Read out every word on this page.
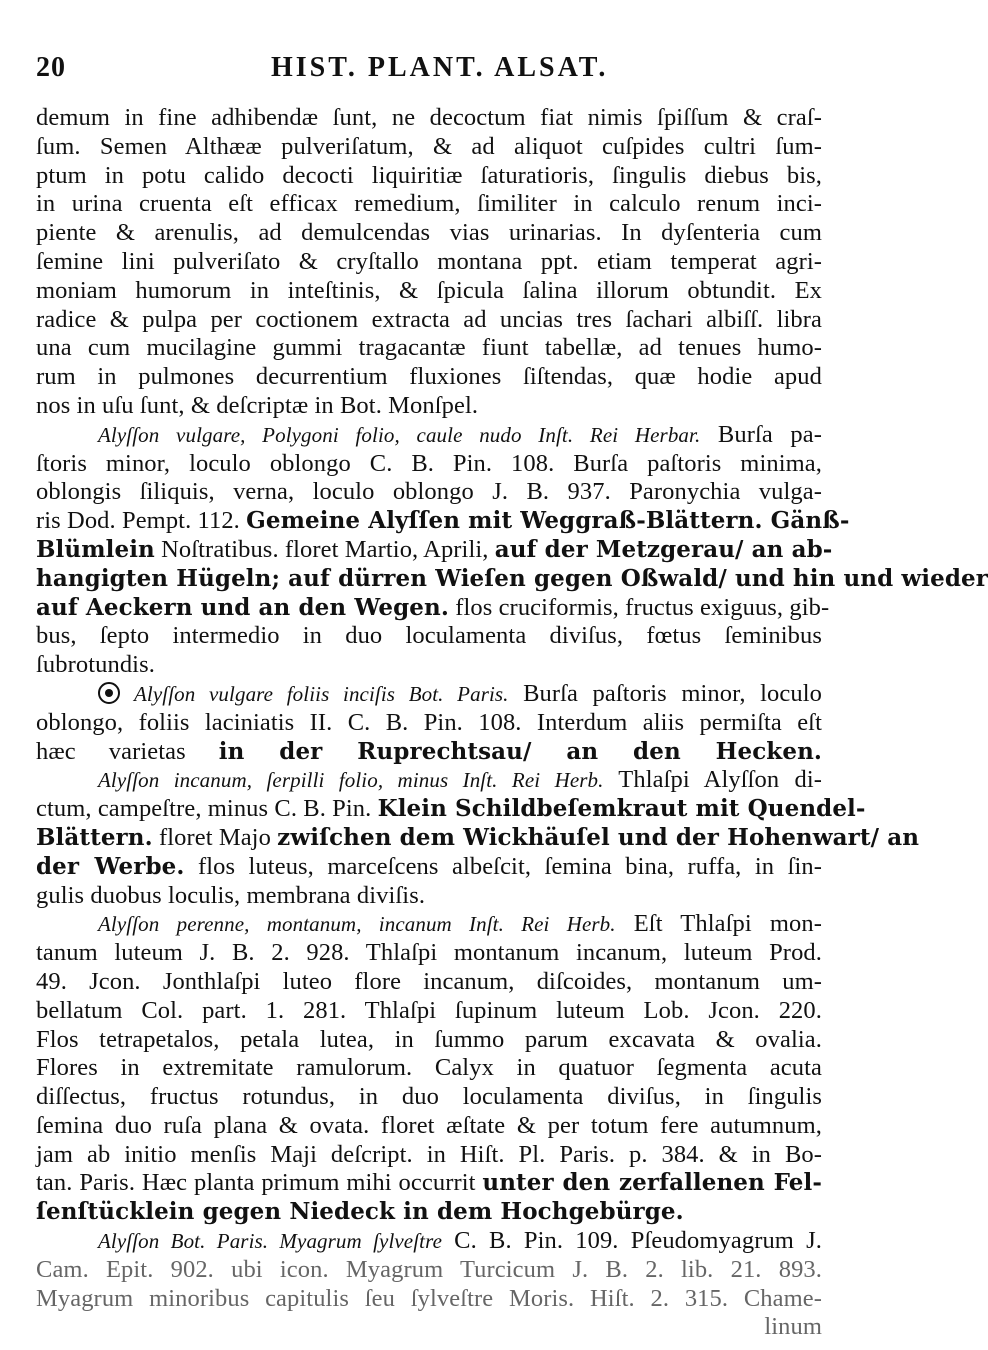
20	HIST. PLANT. ALSAT.
demum in fine adhibendæ ſunt, ne decoctum fiat nimis ſpiſſum & craſ-
ſum. Semen Althææ pulveriſatum, & ad aliquot cuſpides cultri ſum-
ptum in potu calido decocti liquiritiæ ſaturatioris, ſingulis diebus bis,
in urina cruenta eſt efficax remedium, ſimiliter in calculo renum inci-
piente & arenulis, ad demulcendas vias urinarias. In dyſenteria cum
ſemine lini pulveriſato & cryſtallo montana ppt. etiam temperat agri-
moniam humorum in inteſtinis, & ſpicula ſalina illorum obtundit. Ex
radice & pulpa per coctionem extracta ad uncias tres ſachari albiſſ. libra
una cum mucilagine gummi tragacantæ fiunt tabellæ, ad tenues humo-
rum in pulmones decurrentium fluxiones ſiſtendas, quæ hodie apud
nos in uſu ſunt, & deſcriptæ in Bot. Monſpel.
Alyſſon vulgare, Polygoni folio, caule nudo Inſt. Rei Herbar. Burſa pa-
ſtoris minor, loculo oblongo C. B. Pin. 108. Burſa paſtoris minima,
oblongis ſiliquis, verna, loculo oblongo J. B. 937. Paronychia vulga-
ris Dod. Pempt. 112. Gemeine Alyſſen mit Weggraß-Blättern. Gänß-
Blümlein Noſtratibus. floret Martio, Aprili, auf der Metzgerau/ an ab-
hangigten Hügeln; auf dürren Wieſen gegen Oßwald/ und hin und wieder
auf Aeckern und an den Wegen. flos cruciformis, fructus exiguus, gib-
bus, ſepto intermedio in duo loculamenta diviſus, fœtus ſeminibus
ſubrotundis.
Alyſſon vulgare foliis inciſis Bot. Paris. Burſa paſtoris minor, loculo
oblongo, foliis laciniatis II. C. B. Pin. 108. Interdum aliis permiſta eſt
hæc varietas in der Ruprechtsau/ an den Hecken.
Alyſſon incanum, ſerpilli folio, minus Inſt. Rei Herb. Thlaſpi Alyſſon di-
ctum, campeſtre, minus C. B. Pin. Klein Schildbeſemkraut mit Quendel-
Blättern. floret Majo zwiſchen dem Wickhäuſel und der Hohenwart/ an
der Werbe. flos luteus, marceſcens albeſcit, ſemina bina, ruffa, in ſin-
gulis duobus loculis, membrana diviſis.
Alyſſon perenne, montanum, incanum Inſt. Rei Herb. Eſt Thlaſpi mon-
tanum luteum J. B. 2. 928. Thlaſpi montanum incanum, luteum Prod.
49. Jcon. Jonthlaſpi luteo flore incanum, diſcoides, montanum um-
bellatum Col. part. 1. 281. Thlaſpi ſupinum luteum Lob. Jcon. 220.
Flos tetrapetalos, petala lutea, in ſummo parum excavata & ovalia.
Flores in extremitate ramulorum. Calyx in quatuor ſegmenta acuta
diſſectus, fructus rotundus, in duo loculamenta diviſus, in ſingulis
ſemina duo ruſa plana & ovata. floret æſtate & per totum fere autumnum,
jam ab initio menſis Maji deſcript. in Hiſt. Pl. Paris. p. 384. & in Bo-
tan. Paris. Hæc planta primum mihi occurrit unter den zerfallenen Fel-
ſenſtücklein gegen Niedeck in dem Hochgebürge.
Alyſſon Bot. Paris. Myagrum ſylveſtre C. B. Pin. 109. Pſeudomyagrum J.
Cam. Epit. 902. ubi icon. Myagrum Turcicum J. B. 2. lib. 21. 893.
Myagrum minoribus capitulis ſeu ſylveſtre Moris. Hiſt. 2. 315. Chame-
linum
